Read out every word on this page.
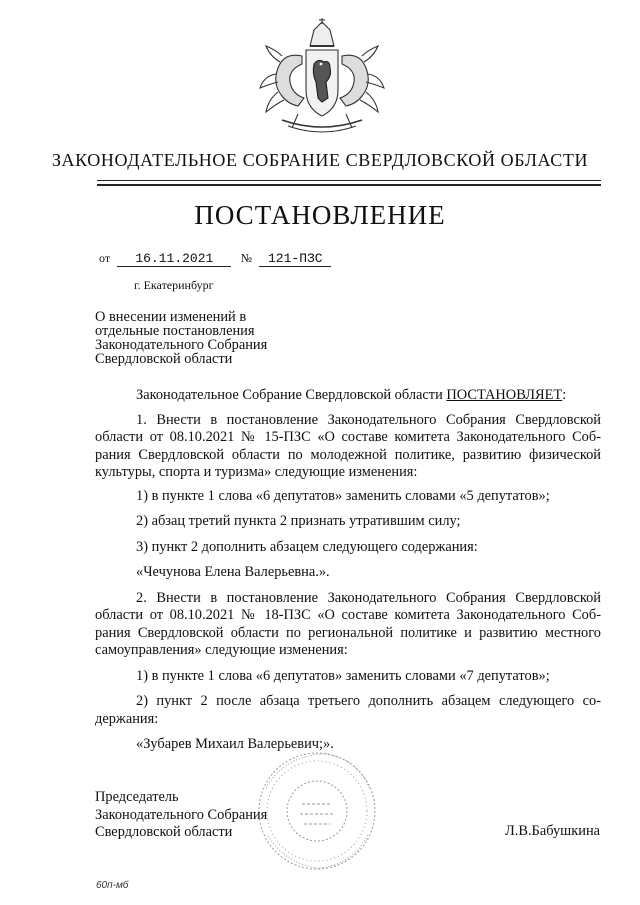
ЗАКОНОДАТЕЛЬНОЕ СОБРАНИЕ СВЕРДЛОВСКОЙ ОБЛАСТИ
ПОСТАНОВЛЕНИЕ
от 16.11.2021 № 121-ПЗС
г. Екатеринбург
О внесении изменений в
отдельные постановления
Законодательного Собрания
Свердловской области
Законодательное Собрание Свердловской области ПОСТАНОВЛЯЕТ:
1. Внести в постановление Законодательного Собрания Свердловской
области от 08.10.2021 № 15-ПЗС «О составе комитета Законодательного Соб-
рания Свердловской области по молодежной политике, развитию физической
культуры, спорта и туризма» следующие изменения:
1) в пункте 1 слова «6 депутатов» заменить словами «5 депутатов»;
2) абзац третий пункта 2 признать утратившим силу;
3) пункт 2 дополнить абзацем следующего содержания:
«Чечунова Елена Валерьевна.».
2. Внести в постановление Законодательного Собрания Свердловской
области от 08.10.2021 № 18-ПЗС «О составе комитета Законодательного Соб-
рания Свердловской области по региональной политике и развитию местного
самоуправления» следующие изменения:
1) в пункте 1 слова «6 депутатов» заменить словами «7 депутатов»;
2) пункт 2 после абзаца третьего дополнить абзацем следующего со-
держания:
«Зубарев Михаил Валерьевич;».
Председатель
Законодательного Собрания
Свердловской области	Л.В.Бабушкина
60п-мб
